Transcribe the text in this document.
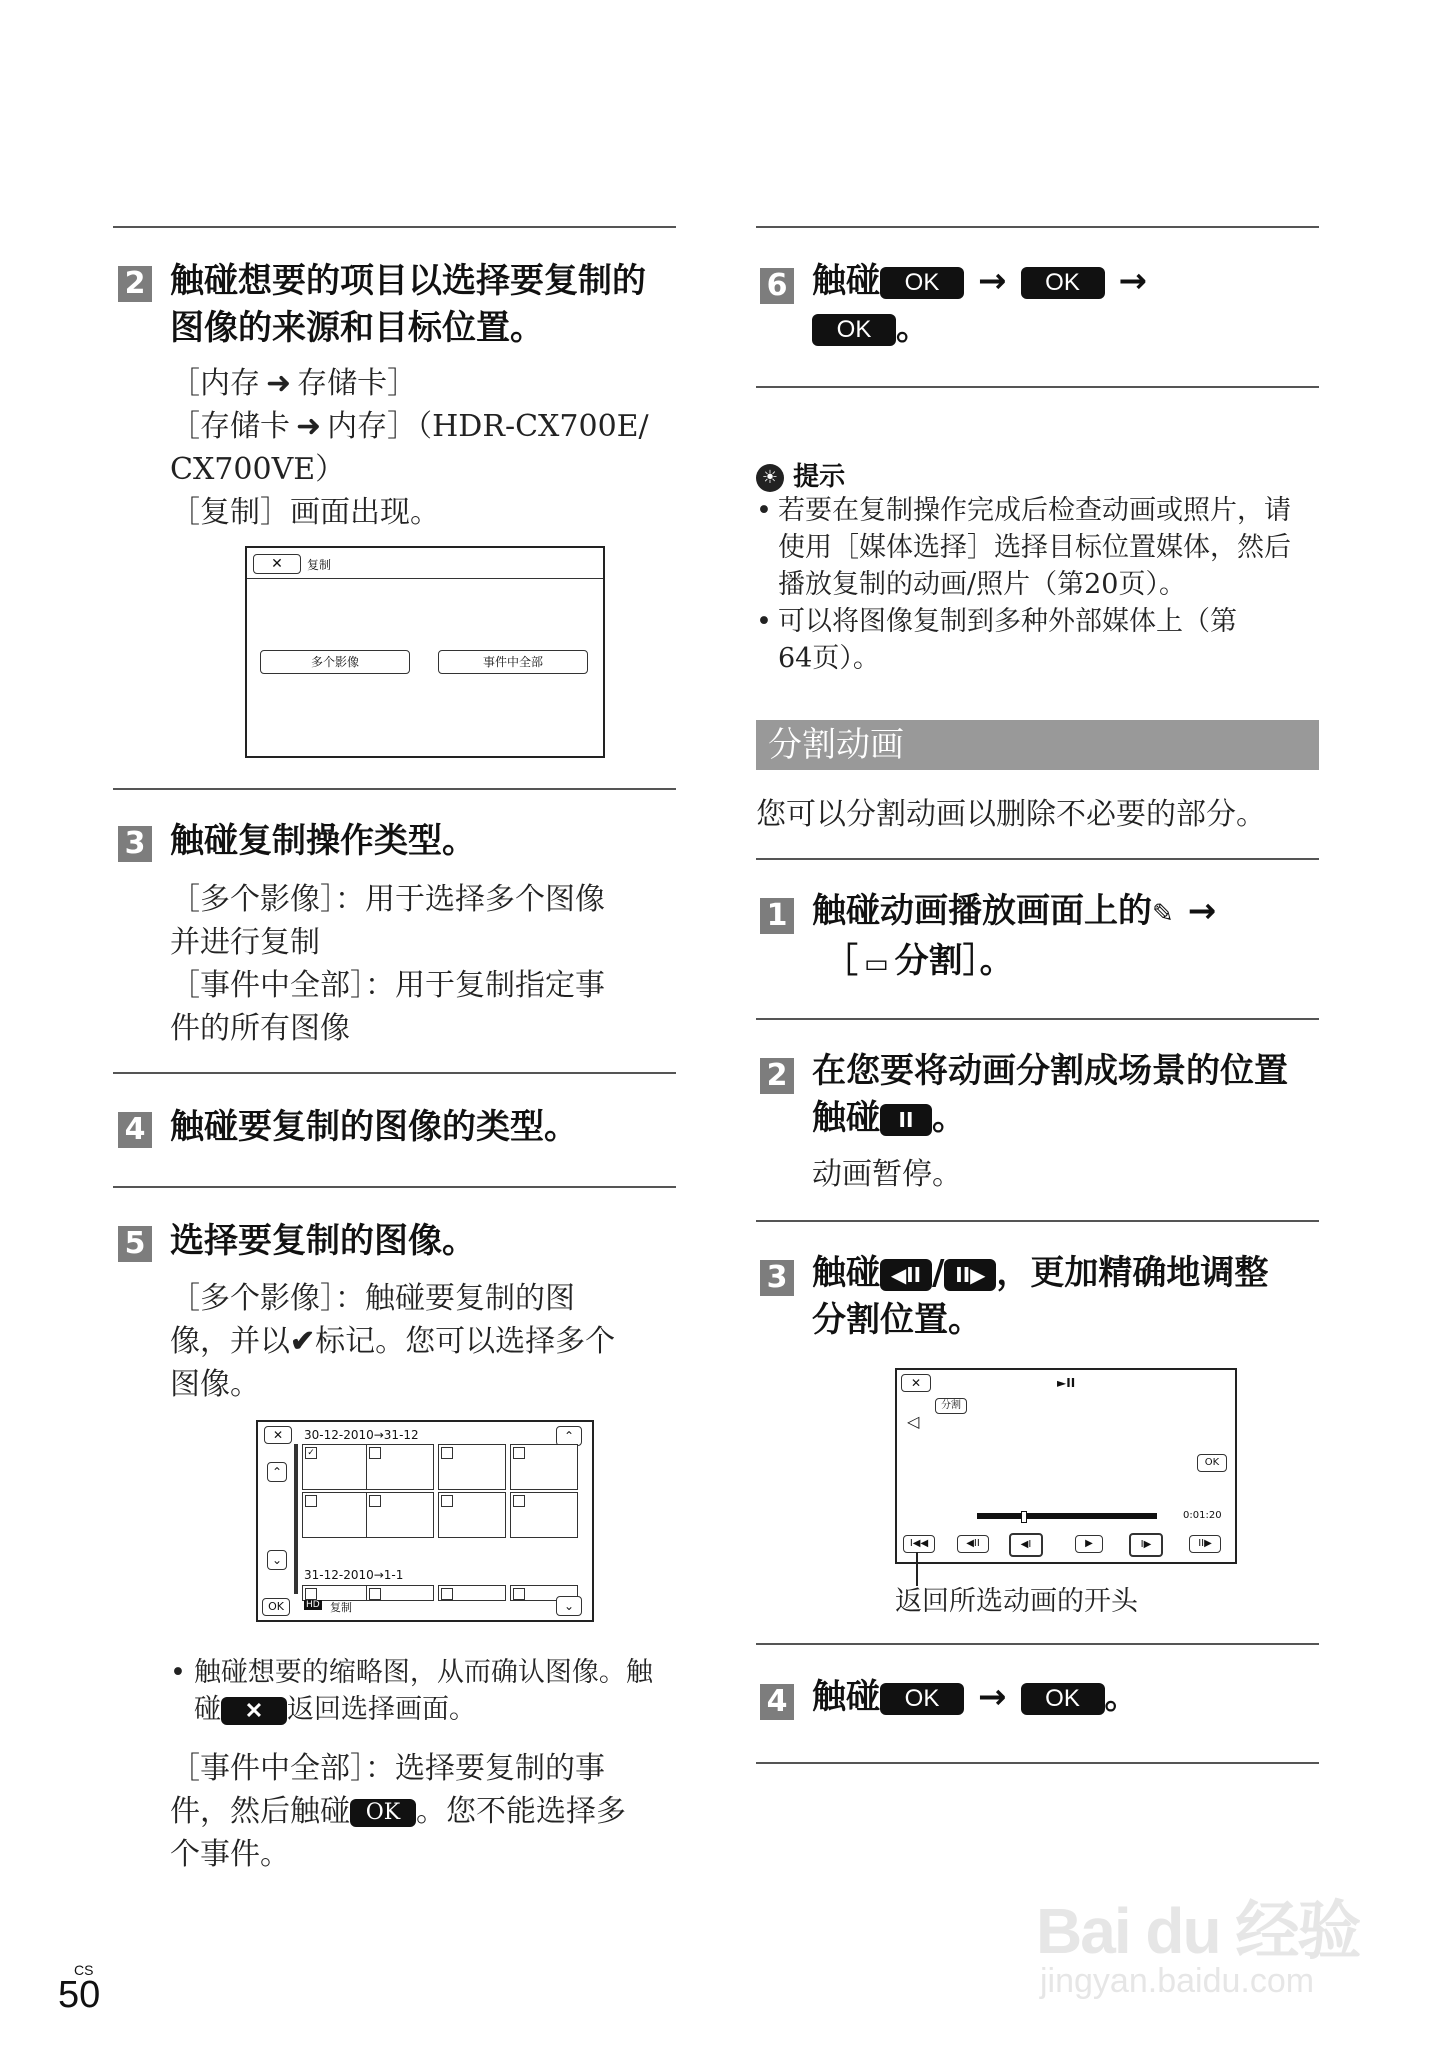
2 触碰想要的项目以选择要复制的
图像的来源和目标位置。
［内存 ➜ 存储卡］
［存储卡 ➜ 内存］（HDR-CX700E/
CX700VE）
［复制］画面出现。
✕	复制
多个影像	事件中全部
3 触碰复制操作类型。
［多个影像］：用于选择多个图像
并进行复制
［事件中全部］：用于复制指定事
件的所有图像
4 触碰要复制的图像的类型。
5 选择要复制的图像。
［多个影像］：触碰要复制的图
像，并以✔标记。您可以选择多个
图像。
✕	30-12-2010→31-12	⌃
⌃
⌄
✓
31-12-2010→1-1
OK	HD 复制	⌄
• 触碰想要的缩略图，从而确认图像。触
碰 ✕ 返回选择画面。
［事件中全部］：选择要复制的事
件，然后触碰 OK 。您不能选择多
个事件。
6 触碰 OK → OK →
OK 。
☀ 提示
• 若要在复制操作完成后检查动画或照片，请
使用［媒体选择］选择目标位置媒体，然后
播放复制的动画/照片（第20页）。
• 可以将图像复制到多种外部媒体上（第
64页）。
分割动画
您可以分割动画以删除不必要的部分。
1 触碰动画播放画面上的✎ →
［ ▭ 分割］。
2 在您要将动画分割成场景的位置
触碰 II 。
动画暂停。
3 触碰 ◀II / II▶ ，更加精确地调整
分割位置。
✕	►II
分割
◁
OK
0:01:20
I◀◀	◀II	◀I	▶	I▶	II▶
返回所选动画的开头
4 触碰 OK → OK 。
CS
50
Bai du 经验
jingyan.baidu.com
